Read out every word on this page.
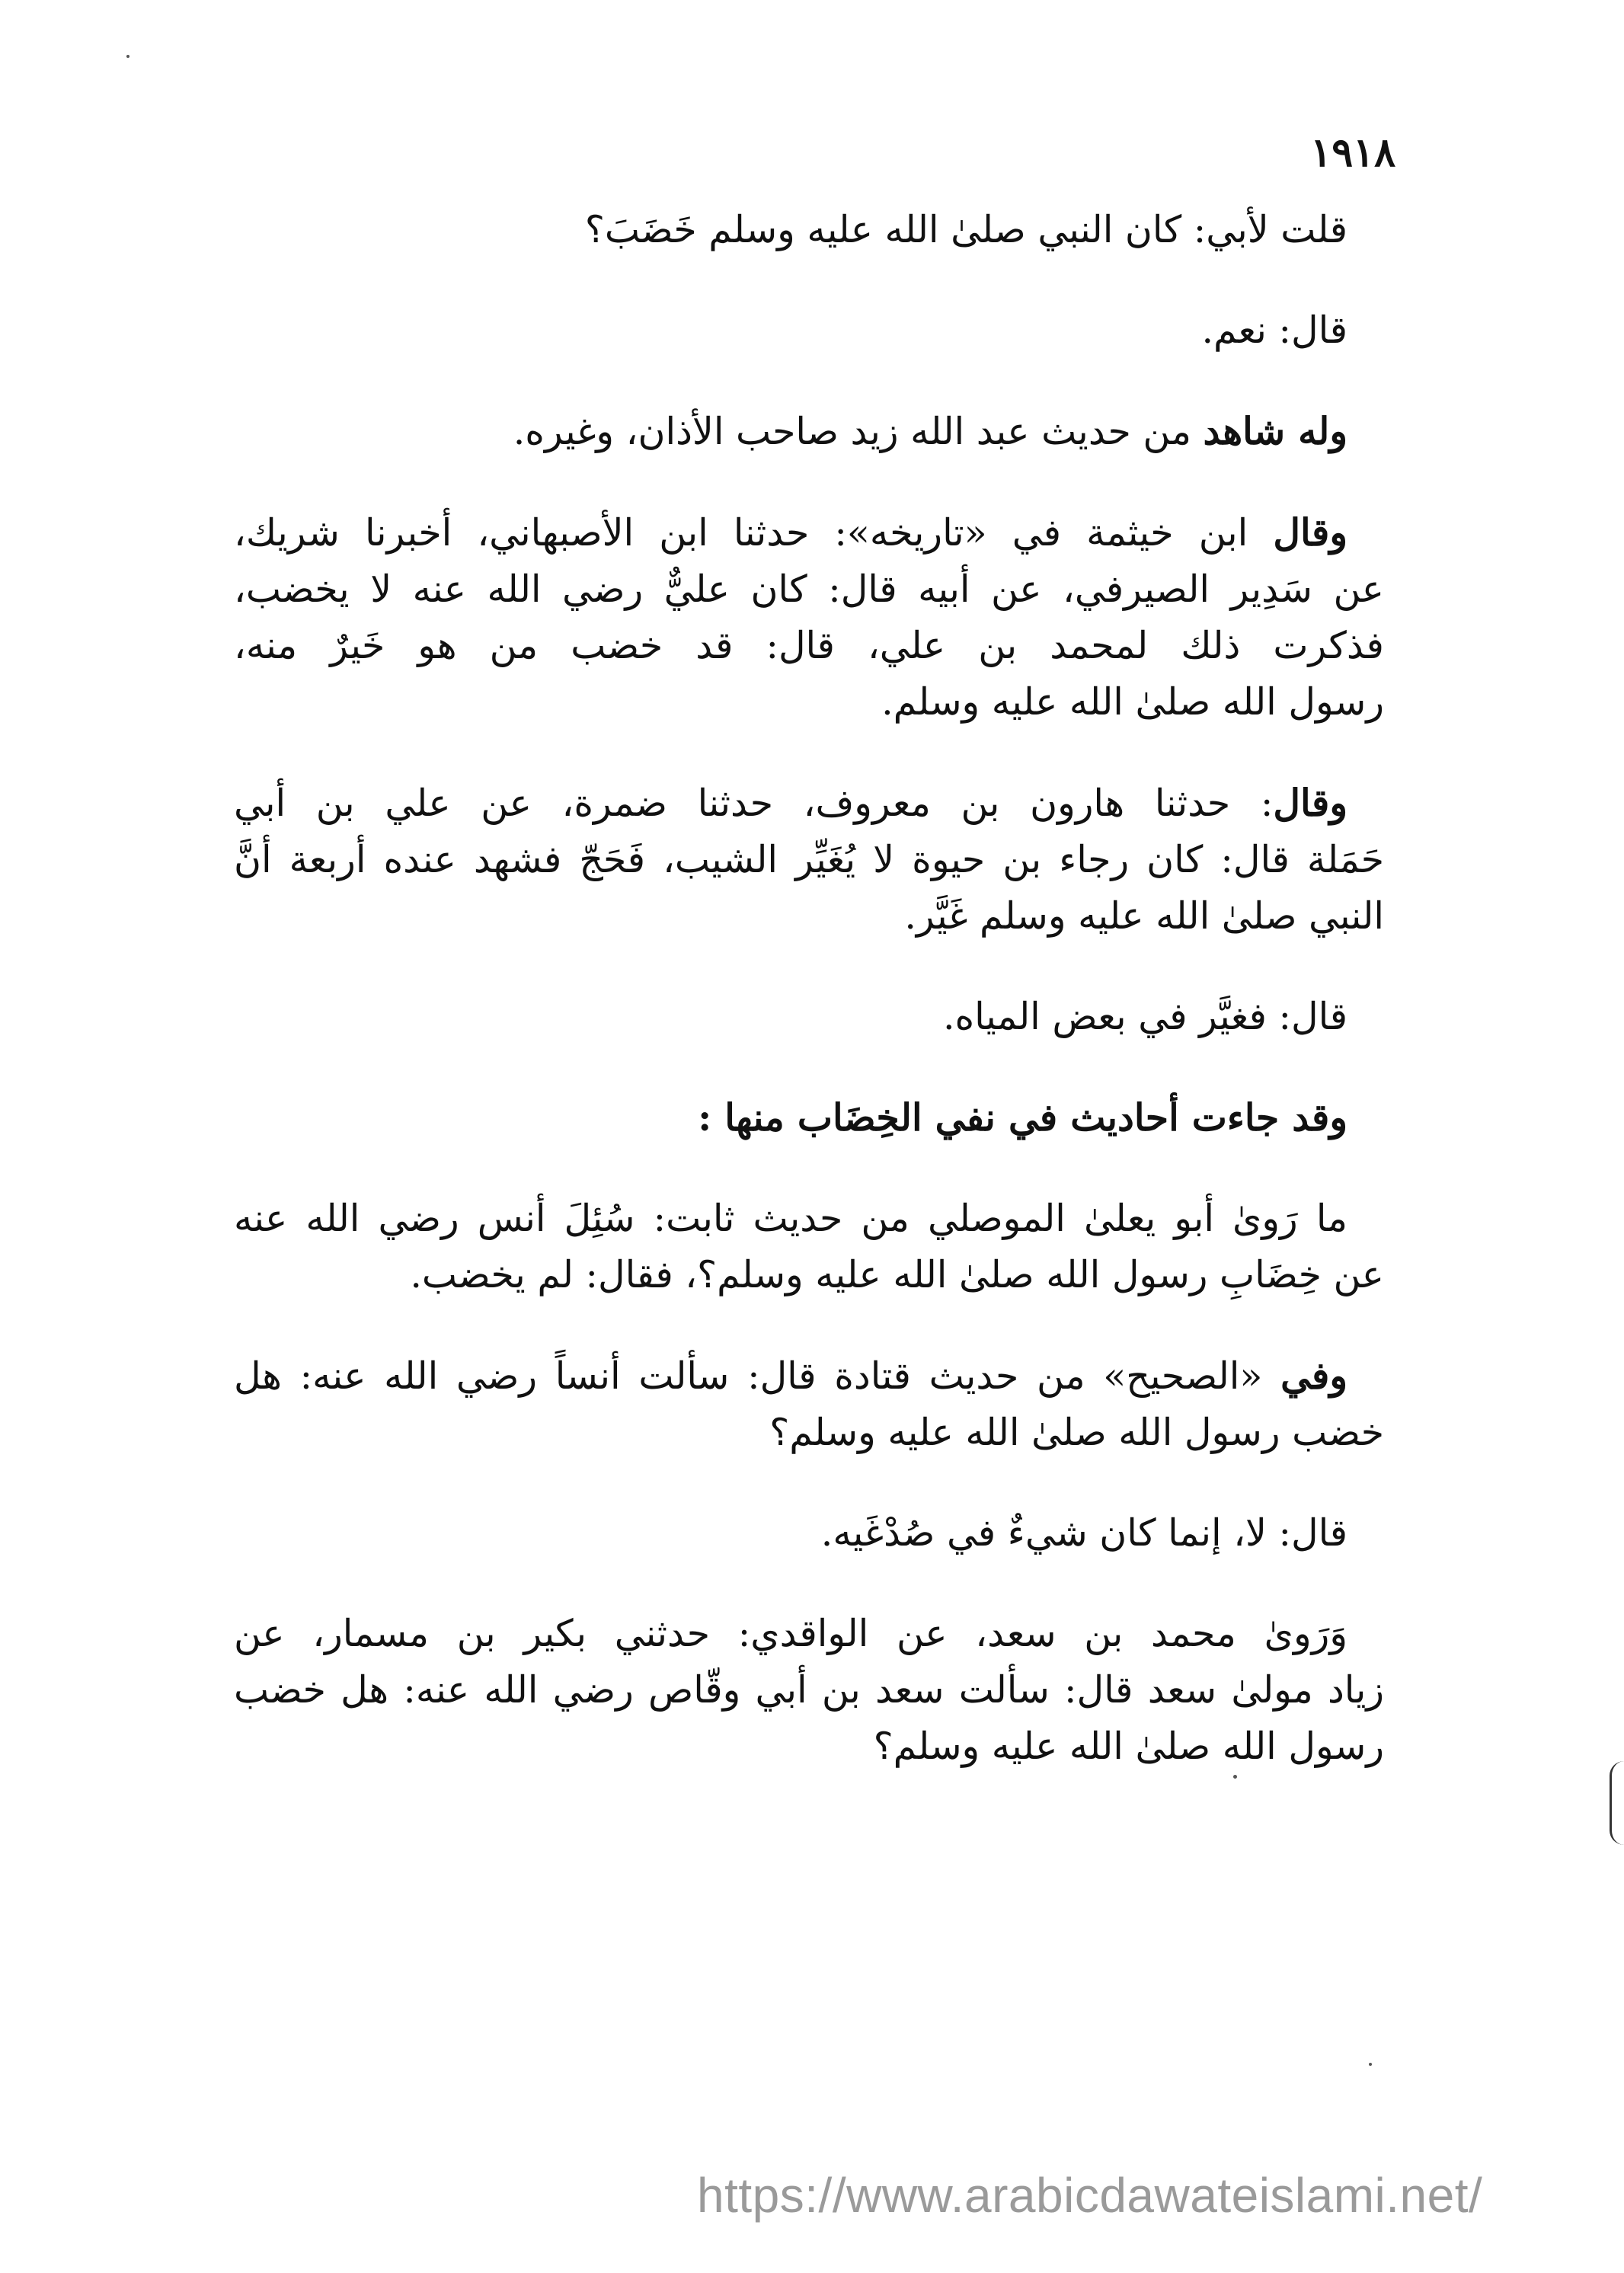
١٩١٨

قلت لأبي: كان النبي صلىٰ الله عليه وسلم خَضَبَ؟

قال: نعم.

وله شاهد من حديث عبد الله زيد صاحب الأذان، وغيره.

وقال ابن خيثمة في «تاريخه»: حدثنا ابن الأصبهاني، أخبرنا شريك،
عن سَدِير الصيرفي، عن أبيه قال: كان عليٌّ رضي الله عنه لا يخضب،
فذكرت ذلك لمحمد بن علي، قال: قد خضب من هو خَيرٌ منه،
رسول الله صلىٰ الله عليه وسلم.

وقال: حدثنا هارون بن معروف، حدثنا ضمرة، عن علي بن أبي
حَمَلة قال: كان رجاء بن حيوة لا يُغَيِّر الشيب، فَحَجّ فشهد عنده أربعة أنَّ
النبي صلىٰ الله عليه وسلم غَيَّر.

قال: فغيَّر في بعض المياه.

وقد جاءت أحاديث في نفي الخِضَاب منها :

ما رَوىٰ أبو يعلىٰ الموصلي من حديث ثابت: سُئِلَ أنس رضي الله عنه
عن خِضَابِ رسول الله صلىٰ الله عليه وسلم؟، فقال: لم يخضب.

وفي «الصحيح» من حديث قتادة قال: سألت أنساً رضي الله عنه: هل
خضب رسول الله صلىٰ الله عليه وسلم؟

قال: لا، إنما كان شيءٌ في صُدْغَيه.

وَرَوىٰ محمد بن سعد، عن الواقدي: حدثني بكير بن مسمار، عن
زياد مولىٰ سعد قال: سألت سعد بن أبي وقّاص رضي الله عنه: هل خضب
رسول الله صلىٰ الله عليه وسلم؟

https://www.arabicdawateislami.net/
